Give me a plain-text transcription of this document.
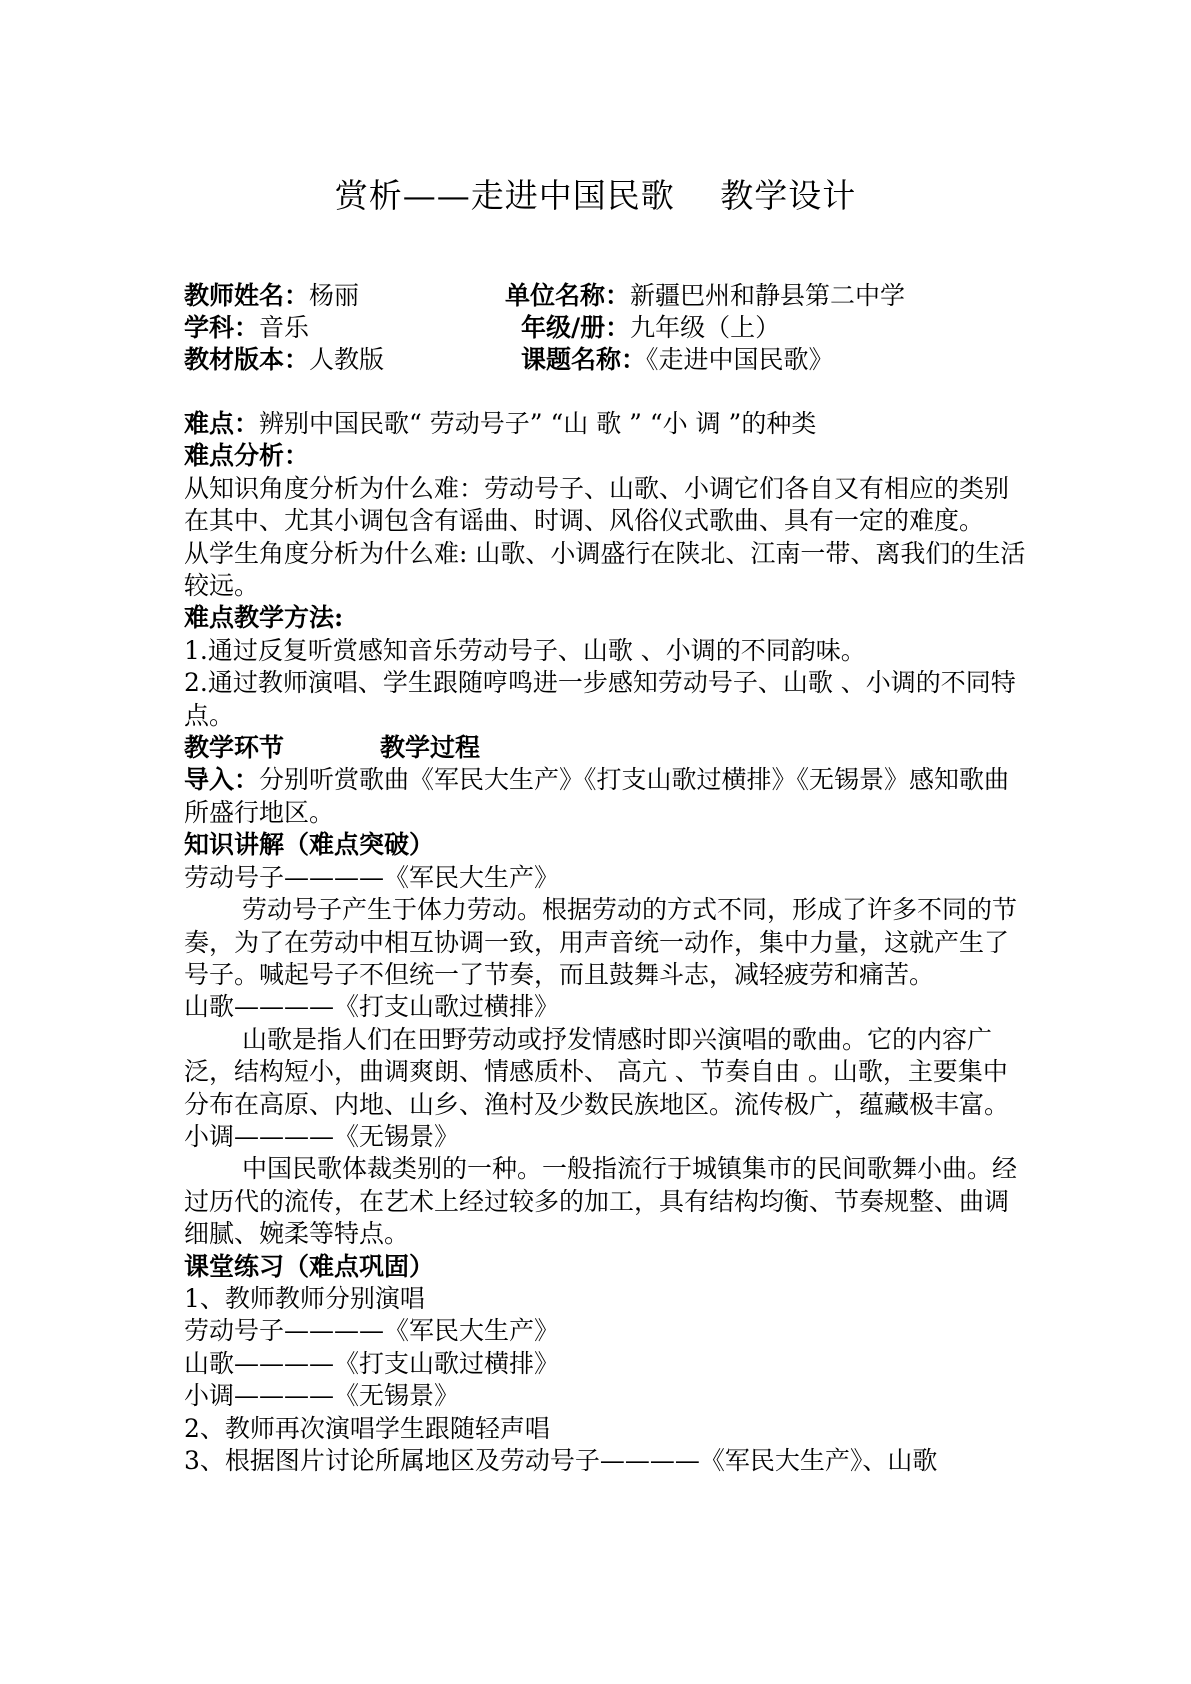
赏析——走进中国民歌　 教学设计
教师姓名：杨丽	单位名称：新疆巴州和静县第二中学
学科：音乐	年级/册：九年级（上）
教材版本：人教版	课题名称：《走进中国民歌》

难点：辨别中国民歌“ 劳动号子” “山 歌 ” “小 调 ”的种类

难点分析：

从知识角度分析为什么难：劳动号子、山歌、小调它们各自又有相应的类别在其中、尤其小调包含有谣曲、时调、风俗仪式歌曲、具有一定的难度。

从学生角度分析为什么难: 山歌、小调盛行在陕北、江南一带、离我们的生活较远。

难点教学方法:

1.通过反复听赏感知音乐劳动号子、山歌 、小调的不同韵味。

2.通过教师演唱、学生跟随哼鸣进一步感知劳动号子、山歌 、小调的不同特点。

教学环节	教学过程

导入：分别听赏歌曲《军民大生产》《打支山歌过横排》《无锡景》感知歌曲所盛行地区。

知识讲解（难点突破）

劳动号子————《军民大生产》

劳动号子产生于体力劳动。根据劳动的方式不同，形成了许多不同的节奏，为了在劳动中相互协调一致，用声音统一动作，集中力量，这就产生了号子。喊起号子不但统一了节奏，而且鼓舞斗志，减轻疲劳和痛苦。

山歌————《打支山歌过横排》

山歌是指人们在田野劳动或抒发情感时即兴演唱的歌曲。它的内容广泛，结构短小，曲调爽朗、情感质朴、 高亢 、节奏自由 。山歌，主要集中分布在高原、内地、山乡、渔村及少数民族地区。流传极广，蕴藏极丰富。

小调————《无锡景》

中国民歌体裁类别的一种。一般指流行于城镇集市的民间歌舞小曲。经过历代的流传，在艺术上经过较多的加工，具有结构均衡、节奏规整、曲调细腻、婉柔等特点。

课堂练习（难点巩固）

1、教师教师分别演唱

劳动号子————《军民大生产》

山歌————《打支山歌过横排》

小调————《无锡景》

2、教师再次演唱学生跟随轻声唱

3、根据图片讨论所属地区及劳动号子————《军民大生产》、山歌
